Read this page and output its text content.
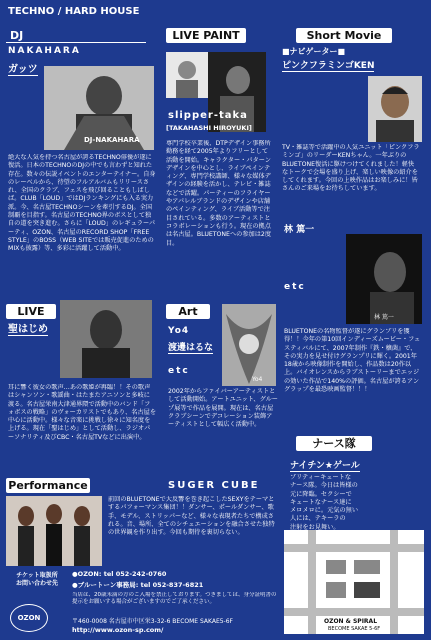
TECHNO / HARD HOUSE
DJ
NAKAHARA
ガッツ
DJ-NAKAHARA
絶大な人気を持つ名古屋が誇るTECHNO俳優が遂に復活。日本のTECHNOのDJの中でも言わずと知れた存在。数々の伝説イベントのエンターテイナー。自身のレーベルから、待望のフルアルバムもリリースされ、全国のクラブ、フェスを飛び回ることもしばしば。CLUB「LOUD」ではDJランキングにも入る実力派。今、名古屋TECHNOシーンを牽引するDJ。全国制覇を目指す。名古屋のTECHNO界のボスとして独自の道を突き進む。さらに「LOUD」のレギュラーパーティ、OZON、名古屋のRECORD SHOP「FREE STYLE」のBOSS（WEB SITEでは販売促進のためのMIXも披露）等、多彩に活躍して活動中。
LIVE PAINT
slipper-taka
[TAKAHASHI HIROYUKI]
専門学校卒業後、DTPデザイン事務所勤務を経て2005年よりフリーとして活動を開始。キャラクター・パターンデザインを中心とし、ライブペインティング、専門学校講師、様々な媒体デザインの経験を活かし、テレビ・雑誌などで活躍。パーティーのフライヤーやアパレルブランドのデザインや店舗のペインティング、ライブ活動等で注目されている。多数のアーティストとコラボレーションも行う。現在の拠点は名古屋。BLUETONEへの参加は2度目。
Short Movie
■ナビゲーター■
ピンクフラミンゴKEN
TV・雑誌等で活躍中の人気ユニット「ピンクフラミンゴ」のリーダーKENちゃん。一年ぶりのBLUETONE復活に駆けつけてくれました！軽快なトークで会場を盛り上げ、楽しい映像の紹介をしてくれます。今回の上映作品はお楽しみに！皆さんのご来場をお待ちしています。
林 篤一
林 篤一
etc
BLUETONEの名物監督が遂にグランプリを獲得！！今年の第10回インディーズムービー・フェスティバルにて、2007年制作『鉄・穣菌』で、その実力を見せ付けグランプリに輝く。2001年18歳から映像制作を開始し、作品数は20作以上。バイオレンスからラブストーリーまでエッジの効いた作品で140%の評価。名古屋が誇るアングラップを最恐映画監督！！！
LIVE
聖はじめ
耳に響く彼女の歌声…あの歌姫が再臨！！その歌声はシャンソン・歌謡曲・はたまたアニソンと多岐に渡る。名古屋栄南大津通界隈で活動中のバンド「フォボスの戦略」のヴォーカリストでもあり、名古屋を中心に活動中。様々な音楽に挑戦し徐々に知名度を上げる。現在「聖はじめ」として活動し、ラジオパーソナリティ及びCBC・名古屋TVなどに出演中。
Art
Yo4
渡邊はるな
Yo4
etc
2002年からファイバーアーティストとして活動開始。アートユニット、グループ展等で作品を展開。現在は、名古屋クラブシーンでデコレーション装飾アーティストとして幅広く活動中。
ナース隊
ナイチン★ゲール
プリティーキュートな
ナース隊。今日は皆様の
元に降臨。セクシーで
キュートなナース達に
メロメロに。元気の無い
人には、テキーラの
注射をお見舞い。
Performance	SUGER CUBE
前回のBLUETONEで大反響を巻き起こしたSEXYをテーマとするパフォーマンス集団！！ダンサー、ポールダンサー、歌手、モデル、ストリッパーなど、様々な表現者たちで構成される。音、場所、全てのシチュエーションを融合させた独特の世界観を作り出す。今回も期待を裏切らない。
チケット取扱所
お問い合わせ先
OZON
●OZON: tel 052-242-0760
●ブルートーン事務局: tel 052-837-6821
当店は、20歳未満の方のご入場を禁止しております。つきましては、身分証明書の提示をお願いする場合がございますのでご了承ください。
〒460-0008 名古屋市中区栄3-32-6 BECOME SAKAE5-6F
http://www.ozon-sp.com/
OZON & SPIRAL
BECOME SAKAE 5-6F
